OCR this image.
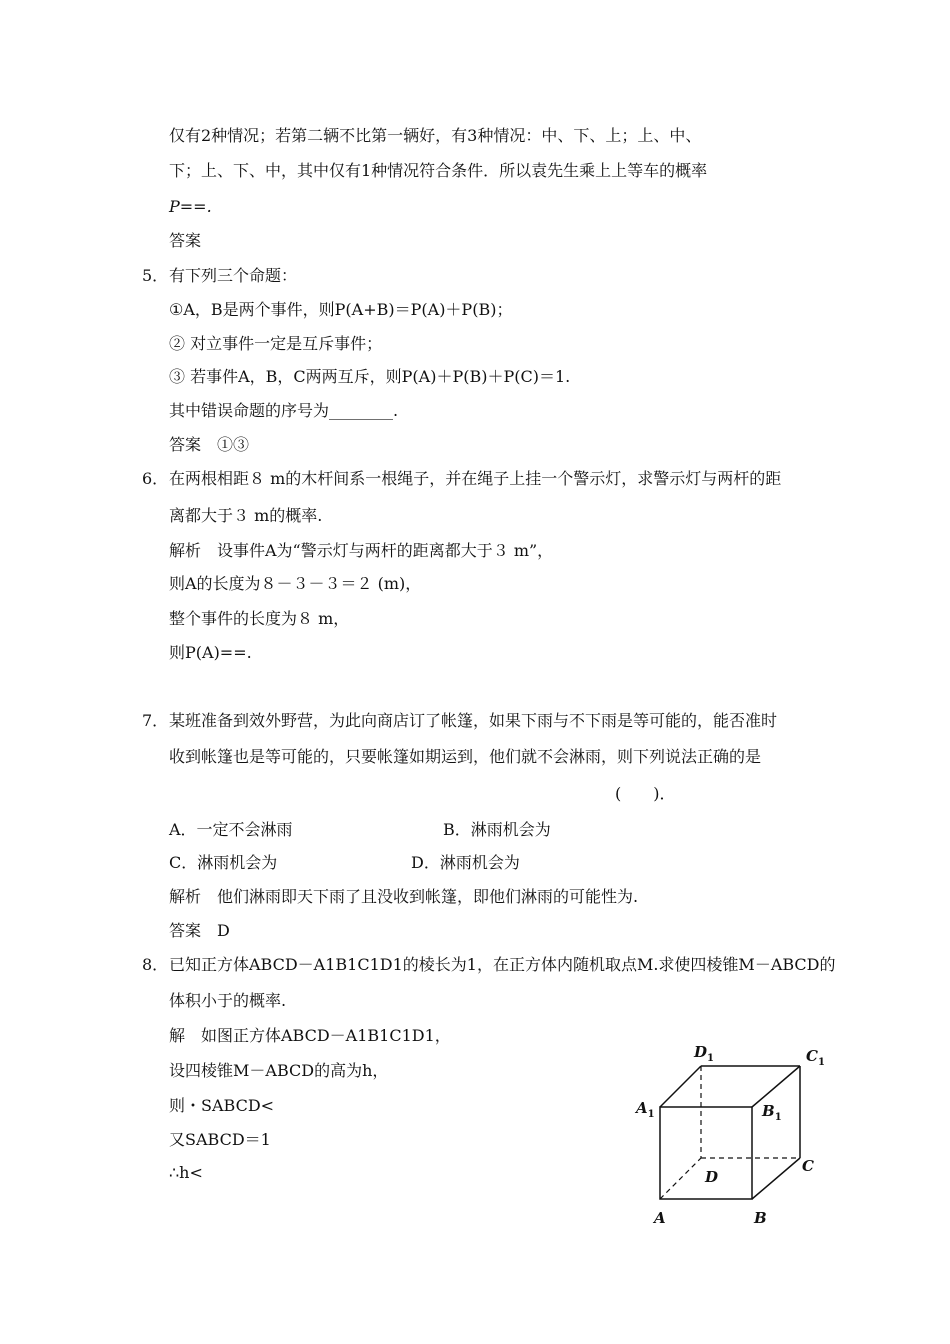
仅有2种情况；若第二辆不比第一辆好，有3种情况：中、下、上；上、中、
下；上、下、中，其中仅有1种情况符合条件．所以袁先生乘上上等车的概率
P==.
答案
5． 有下列三个命题：
①A，B是两个事件，则P(A+B)＝P(A)＋P(B)；
② 对立事件一定是互斥事件；
③ 若事件A，B，C两两互斥，则P(A)＋P(B)＋P(C)＝1.
其中错误命题的序号为________.
答案　①③
6． 在两根相距８ m的木杆间系一根绳子，并在绳子上挂一个警示灯，求警示灯与两杆的距
离都大于３ m的概率.
解析　设事件A为“警示灯与两杆的距离都大于３ m”，
则A的长度为８－３－３＝２ (m)，
整个事件的长度为８ m，
则P(A)==.
7． 某班准备到效外野营，为此向商店订了帐篷，如果下雨与不下雨是等可能的，能否准时
收到帐篷也是等可能的，只要帐篷如期运到，他们就不会淋雨，则下列说法正确的是
(　　)．
A．一定不会淋雨	B．淋雨机会为
C．淋雨机会为	D．淋雨机会为
解析　他们淋雨即天下雨了且没收到帐篷，即他们淋雨的可能性为.
答案　D
8． 已知正方体ABCD－A1B1C1D1的棱长为1，在正方体内随机取点M.求使四棱锥M－ABCD的
体积小于的概率.
解　如图正方体ABCD－A1B1C1D1，
设四棱锥M－ABCD的高为h，
则・SABCD<
又SABCD＝1
∴h<
$D_1$	$C_1$
$A_1$	$B_1$
D
C
A	B
